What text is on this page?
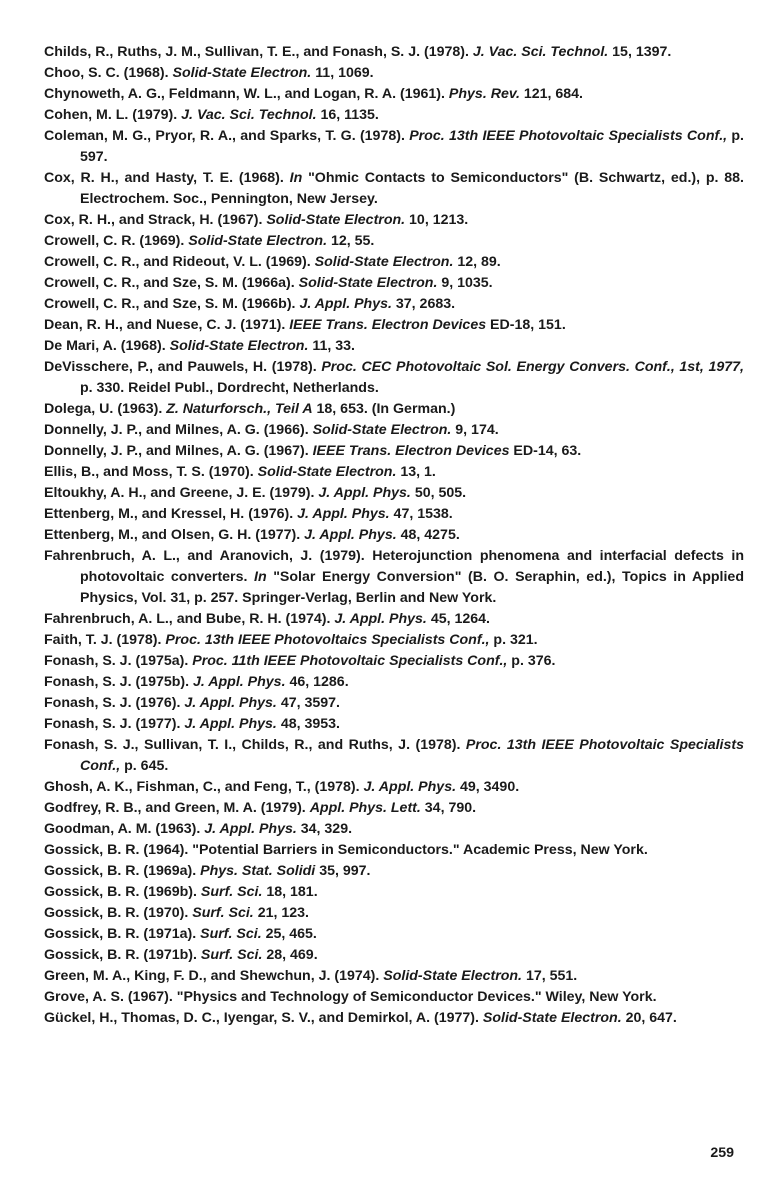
Childs, R., Ruths, J. M., Sullivan, T. E., and Fonash, S. J. (1978). J. Vac. Sci. Technol. 15, 1397.

Choo, S. C. (1968). Solid-State Electron. 11, 1069.

Chynoweth, A. G., Feldmann, W. L., and Logan, R. A. (1961). Phys. Rev. 121, 684.

Cohen, M. L. (1979). J. Vac. Sci. Technol. 16, 1135.

Coleman, M. G., Pryor, R. A., and Sparks, T. G. (1978). Proc. 13th IEEE Photovoltaic Specialists Conf., p. 597.

Cox, R. H., and Hasty, T. E. (1968). In "Ohmic Contacts to Semiconductors" (B. Schwartz, ed.), p. 88. Electrochem. Soc., Pennington, New Jersey.

Cox, R. H., and Strack, H. (1967). Solid-State Electron. 10, 1213.

Crowell, C. R. (1969). Solid-State Electron. 12, 55.

Crowell, C. R., and Rideout, V. L. (1969). Solid-State Electron. 12, 89.

Crowell, C. R., and Sze, S. M. (1966a). Solid-State Electron. 9, 1035.

Crowell, C. R., and Sze, S. M. (1966b). J. Appl. Phys. 37, 2683.

Dean, R. H., and Nuese, C. J. (1971). IEEE Trans. Electron Devices ED-18, 151.

De Mari, A. (1968). Solid-State Electron. 11, 33.

DeVisschere, P., and Pauwels, H. (1978). Proc. CEC Photovoltaic Sol. Energy Convers. Conf., 1st, 1977, p. 330. Reidel Publ., Dordrecht, Netherlands.

Dolega, U. (1963). Z. Naturforsch., Teil A 18, 653. (In German.)

Donnelly, J. P., and Milnes, A. G. (1966). Solid-State Electron. 9, 174.

Donnelly, J. P., and Milnes, A. G. (1967). IEEE Trans. Electron Devices ED-14, 63.

Ellis, B., and Moss, T. S. (1970). Solid-State Electron. 13, 1.

Eltoukhy, A. H., and Greene, J. E. (1979). J. Appl. Phys. 50, 505.

Ettenberg, M., and Kressel, H. (1976). J. Appl. Phys. 47, 1538.

Ettenberg, M., and Olsen, G. H. (1977). J. Appl. Phys. 48, 4275.

Fahrenbruch, A. L., and Aranovich, J. (1979). Heterojunction phenomena and interfacial defects in photovoltaic converters. In "Solar Energy Conversion" (B. O. Seraphin, ed.), Topics in Applied Physics, Vol. 31, p. 257. Springer-Verlag, Berlin and New York.

Fahrenbruch, A. L., and Bube, R. H. (1974). J. Appl. Phys. 45, 1264.

Faith, T. J. (1978). Proc. 13th IEEE Photovoltaics Specialists Conf., p. 321.

Fonash, S. J. (1975a). Proc. 11th IEEE Photovoltaic Specialists Conf., p. 376.

Fonash, S. J. (1975b). J. Appl. Phys. 46, 1286.

Fonash, S. J. (1976). J. Appl. Phys. 47, 3597.

Fonash, S. J. (1977). J. Appl. Phys. 48, 3953.

Fonash, S. J., Sullivan, T. I., Childs, R., and Ruths, J. (1978). Proc. 13th IEEE Photovoltaic Specialists Conf., p. 645.

Ghosh, A. K., Fishman, C., and Feng, T., (1978). J. Appl. Phys. 49, 3490.

Godfrey, R. B., and Green, M. A. (1979). Appl. Phys. Lett. 34, 790.

Goodman, A. M. (1963). J. Appl. Phys. 34, 329.

Gossick, B. R. (1964). "Potential Barriers in Semiconductors." Academic Press, New York.

Gossick, B. R. (1969a). Phys. Stat. Solidi 35, 997.

Gossick, B. R. (1969b). Surf. Sci. 18, 181.

Gossick, B. R. (1970). Surf. Sci. 21, 123.

Gossick, B. R. (1971a). Surf. Sci. 25, 465.

Gossick, B. R. (1971b). Surf. Sci. 28, 469.

Green, M. A., King, F. D., and Shewchun, J. (1974). Solid-State Electron. 17, 551.

Grove, A. S. (1967). "Physics and Technology of Semiconductor Devices." Wiley, New York.

Gückel, H., Thomas, D. C., Iyengar, S. V., and Demirkol, A. (1977). Solid-State Electron. 20, 647.

259
